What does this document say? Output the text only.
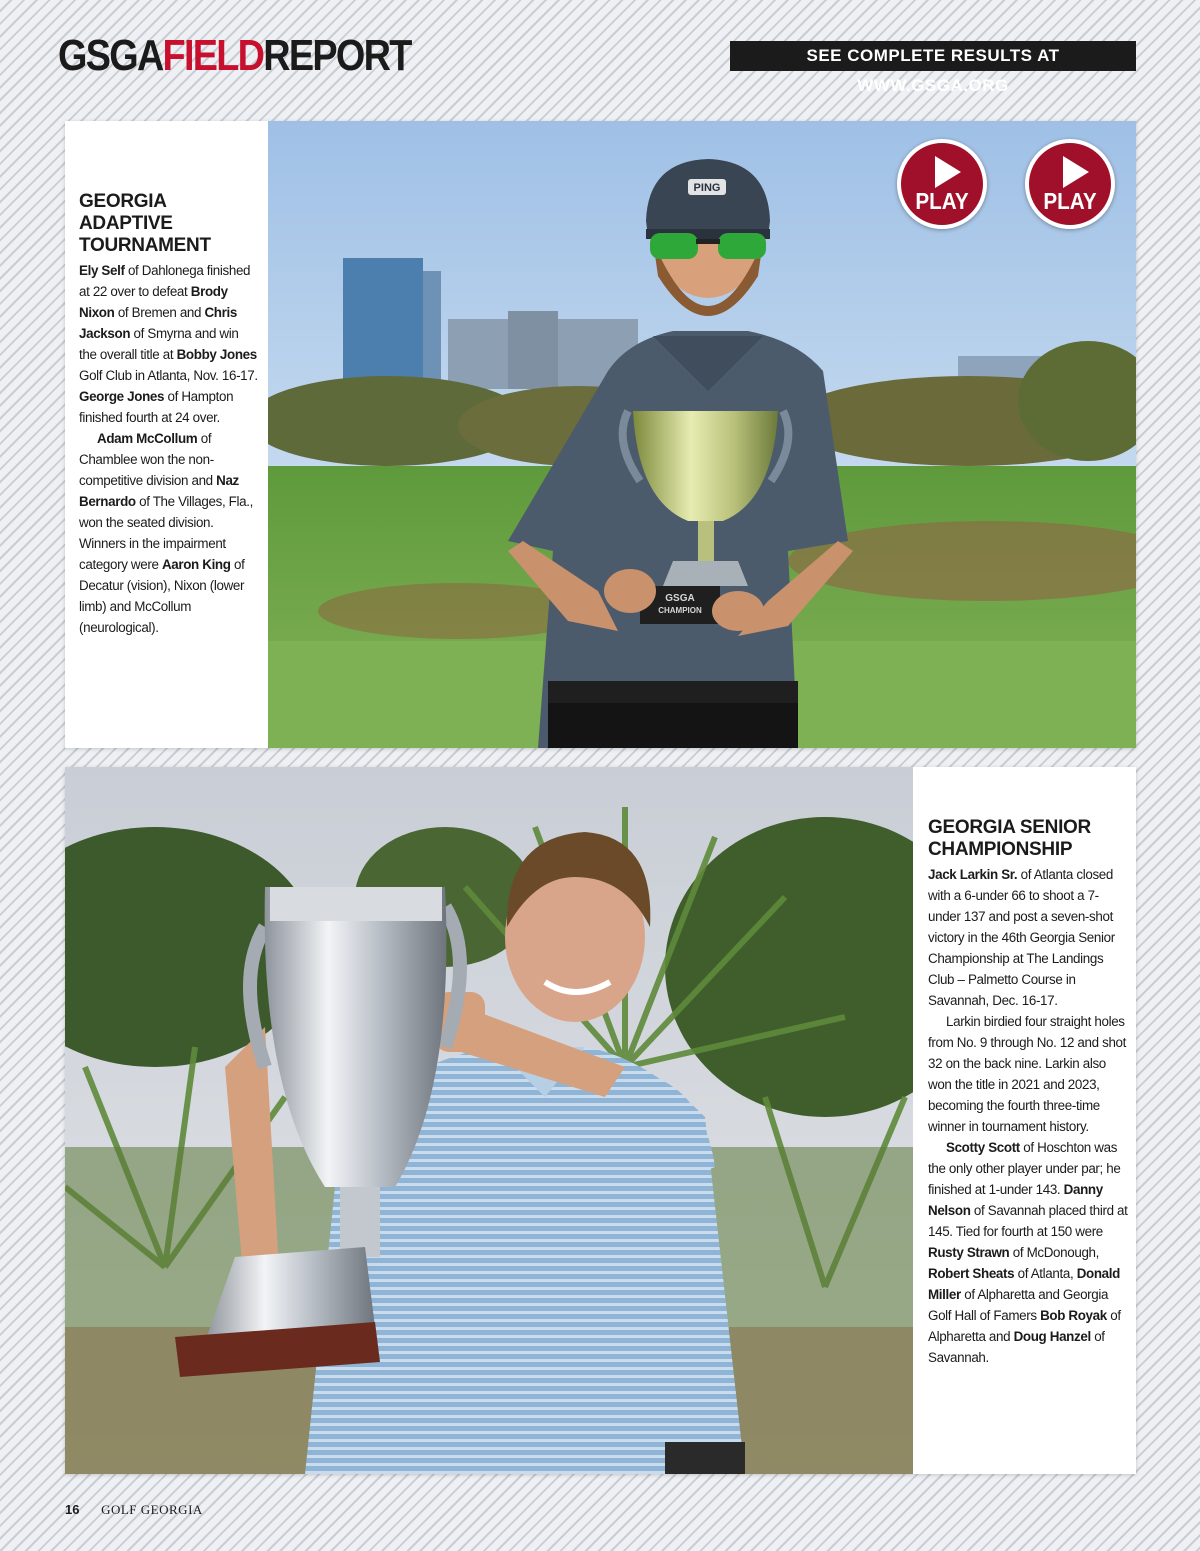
GSGAFIELDREPORT	SEE COMPLETE RESULTS AT WWW.GSGA.ORG
GEORGIA ADAPTIVE TOURNAMENT
Ely Self of Dahlonega finished at 22 over to defeat Brody Nixon of Bremen and Chris Jackson of Smyrna and win the overall title at Bobby Jones Golf Club in Atlanta, Nov. 16-17. George Jones of Hampton finished fourth at 24 over.
Adam McCollum of Chamblee won the non-competitive division and Naz Bernardo of The Villages, Fla., won the seated division. Winners in the impairment category were Aaron King of Decatur (vision), Nixon (lower limb) and McCollum (neurological).
PING
GSGA
CHAMPION
PLAY	PLAY
GEORGIA SENIOR CHAMPIONSHIP
Jack Larkin Sr. of Atlanta closed with a 6-under 66 to shoot a 7-under 137 and post a seven-shot victory in the 46th Georgia Senior Championship at The Landings Club – Palmetto Course in Savannah, Dec. 16-17.
Larkin birdied four straight holes from No. 9 through No. 12 and shot 32 on the back nine. Larkin also won the title in 2021 and 2023, becoming the fourth three-time winner in tournament history.
Scotty Scott of Hoschton was the only other player under par; he finished at 1-under 143. Danny Nelson of Savannah placed third at 145. Tied for fourth at 150 were Rusty Strawn of McDonough, Robert Sheats of Atlanta, Donald Miller of Alpharetta and Georgia Golf Hall of Famers Bob Royak of Alpharetta and Doug Hanzel of Savannah.
16 GOLF GEORGIA
